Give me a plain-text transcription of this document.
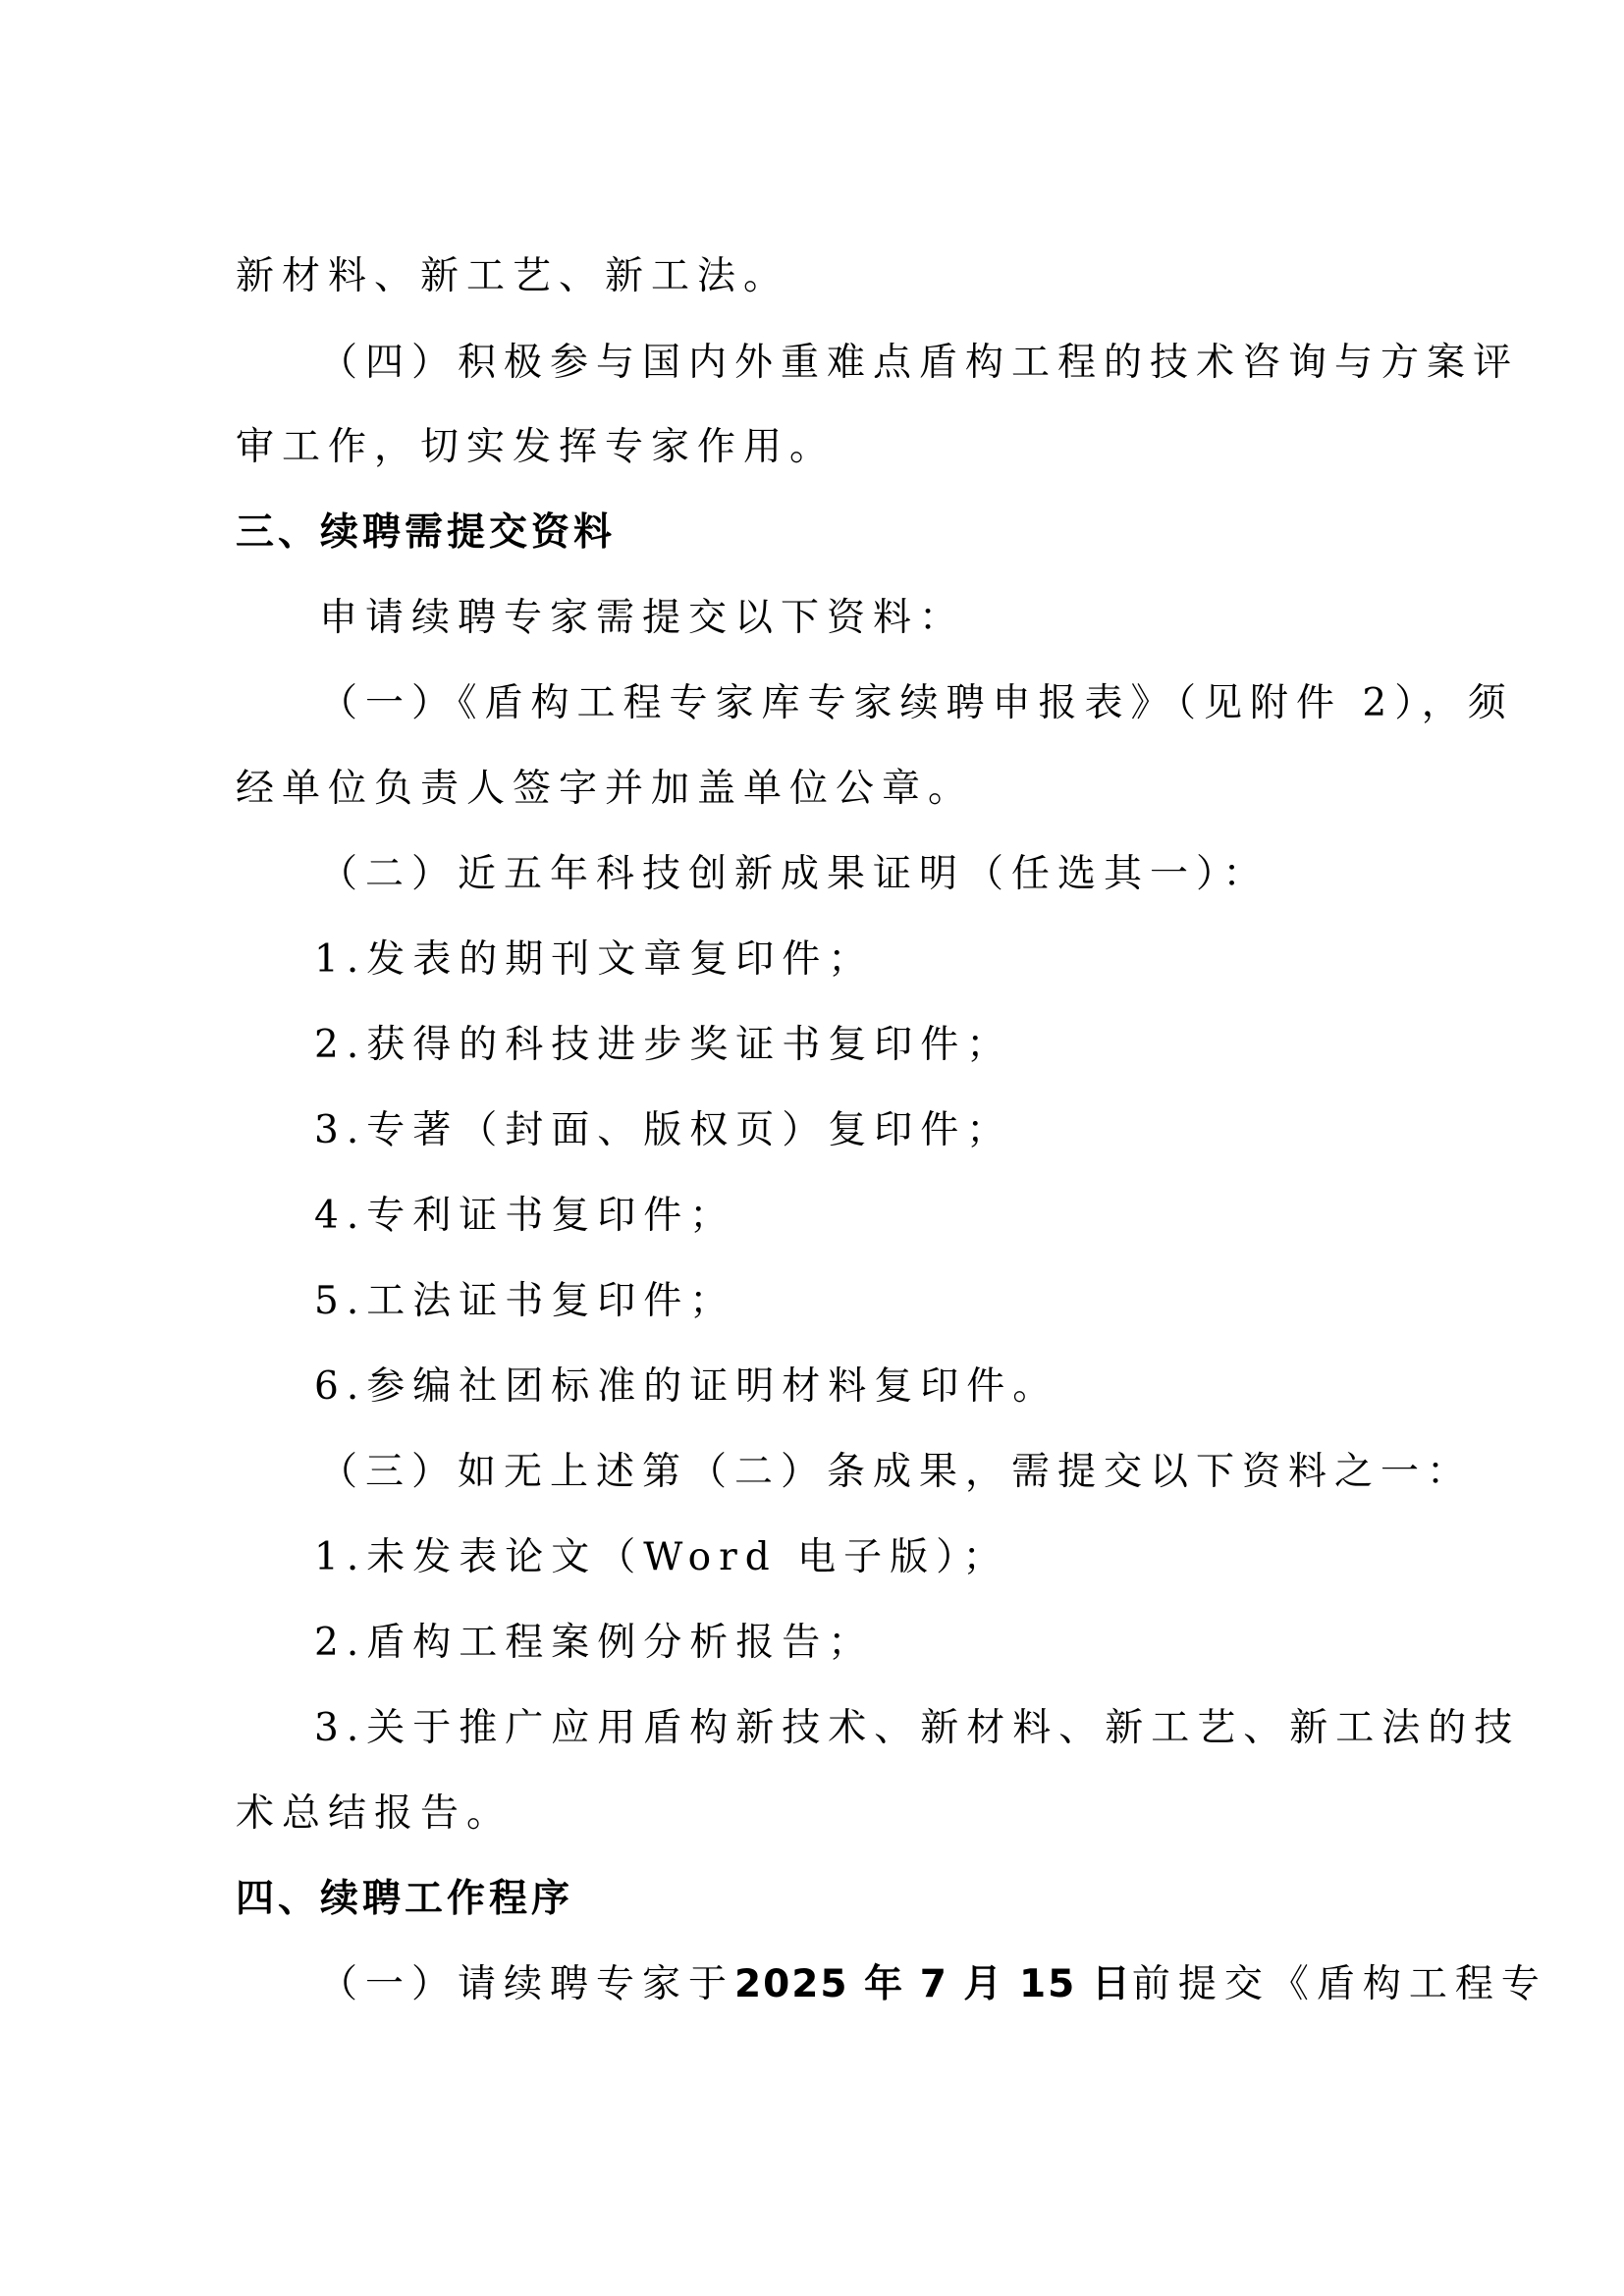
新材料、新工艺、新工法。
（四）积极参与国内外重难点盾构工程的技术咨询与方案评
审工作，切实发挥专家作用。
三、续聘需提交资料
申请续聘专家需提交以下资料：
（一）《盾构工程专家库专家续聘申报表》（见附件 2），须
经单位负责人签字并加盖单位公章。
（二）近五年科技创新成果证明（任选其一）：
1.发表的期刊文章复印件；
2.获得的科技进步奖证书复印件；
3.专著（封面、版权页）复印件；
4.专利证书复印件；
5.工法证书复印件；
6.参编社团标准的证明材料复印件。
（三）如无上述第（二）条成果，需提交以下资料之一：
1.未发表论文（Word 电子版）；
2.盾构工程案例分析报告；
3.关于推广应用盾构新技术、新材料、新工艺、新工法的技
术总结报告。
四、续聘工作程序
（一）请续聘专家于2025 年 7 月 15 日前提交《盾构工程专
